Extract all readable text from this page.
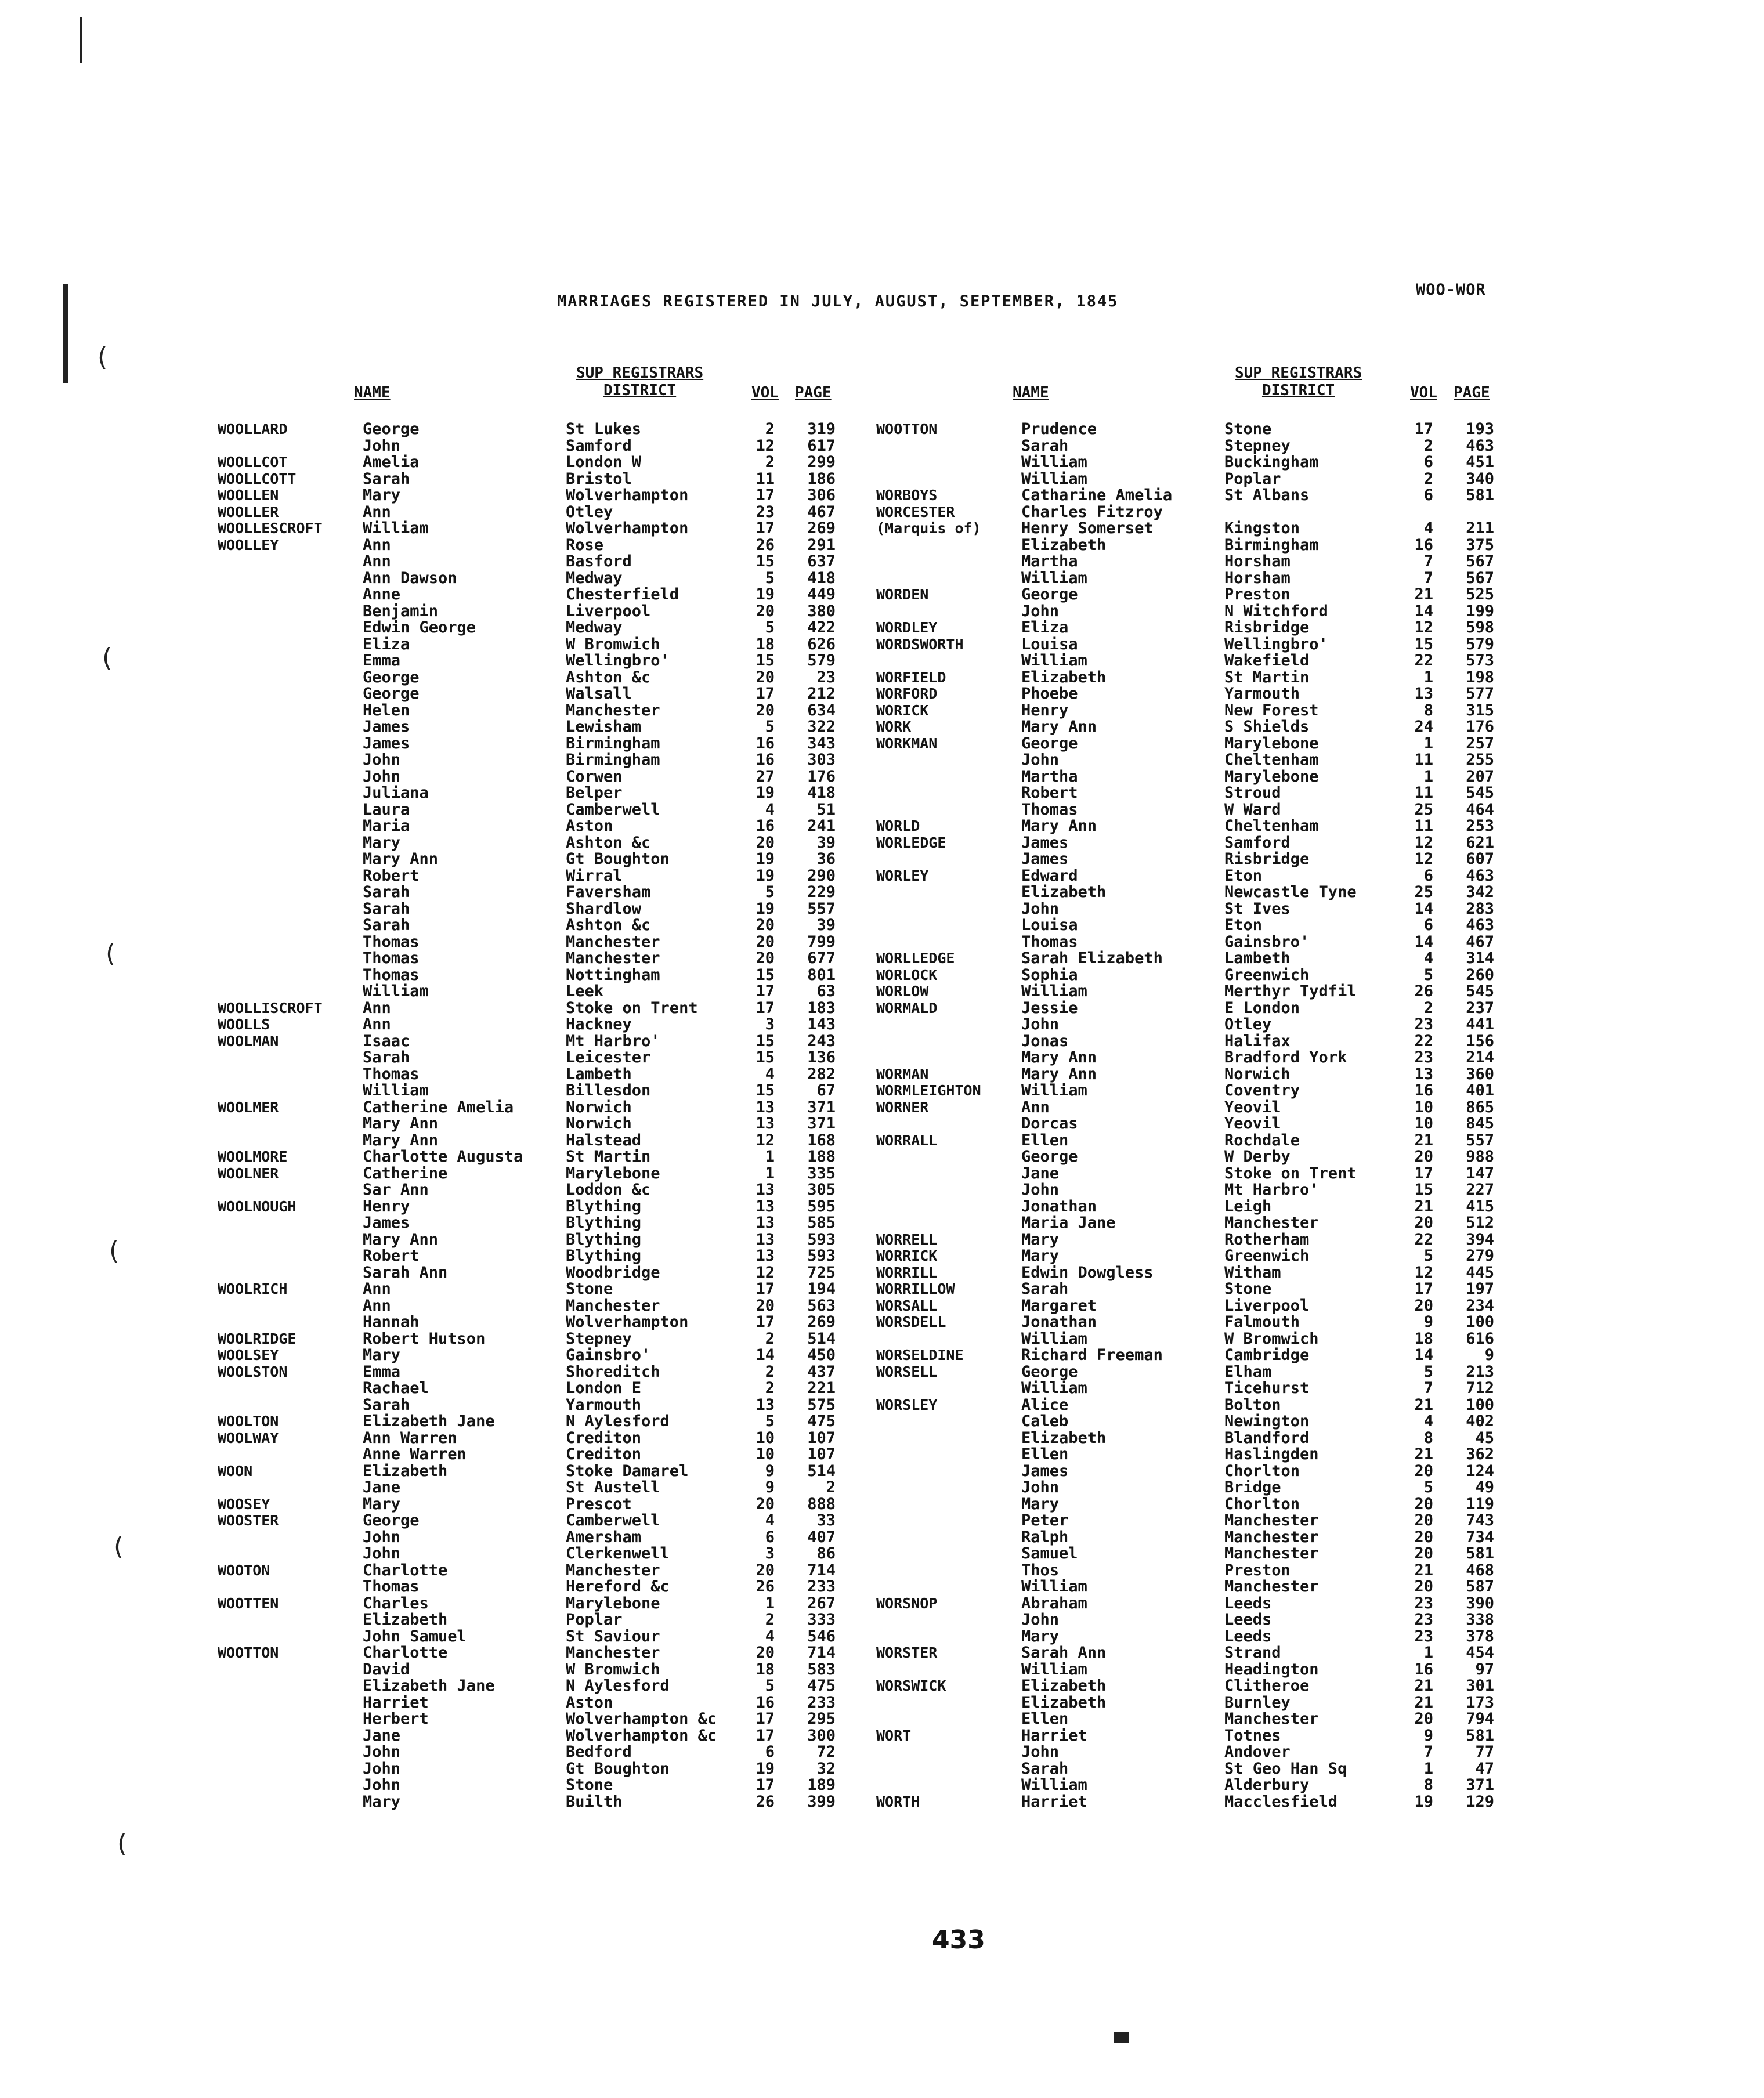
MARRIAGES REGISTERED IN JULY, AUGUST, SEPTEMBER, 1845
WOO-WOR
NAME
SUP REGISTRARS
DISTRICT	VOL PAGE	NAME
SUP REGISTRARS
DISTRICT	VOL PAGE
WOOLLARD	George	St Lukes	2	319
John	Samford	12	617
WOOLLCOT	Amelia	London W	2	299
WOOLLCOTT	Sarah	Bristol	11	186
WOOLLEN	Mary	Wolverhampton	17	306
WOOLLER	Ann	Otley	23	467
WOOLLESCROFT	William	Wolverhampton	17	269
WOOLLEY	Ann	Rose	26	291
Ann	Basford	15	637
Ann Dawson	Medway	5	418
Anne	Chesterfield	19	449
Benjamin	Liverpool	20	380
Edwin George	Medway	5	422
Eliza	W Bromwich	18	626
Emma	Wellingbro'	15	579
George	Ashton &c	20	23
George	Walsall	17	212
Helen	Manchester	20	634
James	Lewisham	5	322
James	Birmingham	16	343
John	Birmingham	16	303
John	Corwen	27	176
Juliana	Belper	19	418
Laura	Camberwell	4	51
Maria	Aston	16	241
Mary	Ashton &c	20	39
Mary Ann	Gt Boughton	19	36
Robert	Wirral	19	290
Sarah	Faversham	5	229
Sarah	Shardlow	19	557
Sarah	Ashton &c	20	39
Thomas	Manchester	20	799
Thomas	Manchester	20	677
Thomas	Nottingham	15	801
William	Leek	17	63
WOOLLISCROFT	Ann	Stoke on Trent	17	183
WOOLLS	Ann	Hackney	3	143
WOOLMAN	Isaac	Mt Harbro'	15	243
Sarah	Leicester	15	136
Thomas	Lambeth	4	282
William	Billesdon	15	67
WOOLMER	Catherine Amelia	Norwich	13	371
Mary Ann	Norwich	13	371
Mary Ann	Halstead	12	168
WOOLMORE	Charlotte Augusta	St Martin	1	188
WOOLNER	Catherine	Marylebone	1	335
Sar Ann	Loddon &c	13	305
WOOLNOUGH	Henry	Blything	13	595
James	Blything	13	585
Mary Ann	Blything	13	593
Robert	Blything	13	593
Sarah Ann	Woodbridge	12	725
WOOLRICH	Ann	Stone	17	194
Ann	Manchester	20	563
Hannah	Wolverhampton	17	269
WOOLRIDGE	Robert Hutson	Stepney	2	514
WOOLSEY	Mary	Gainsbro'	14	450
WOOLSTON	Emma	Shoreditch	2	437
Rachael	London E	2	221
Sarah	Yarmouth	13	575
WOOLTON	Elizabeth Jane	N Aylesford	5	475
WOOLWAY	Ann Warren	Crediton	10	107
Anne Warren	Crediton	10	107
WOON	Elizabeth	Stoke Damarel	9	514
Jane	St Austell	9	2
WOOSEY	Mary	Prescot	20	888
WOOSTER	George	Camberwell	4	33
John	Amersham	6	407
John	Clerkenwell	3	86
WOOTON	Charlotte	Manchester	20	714
Thomas	Hereford &c	26	233
WOOTTEN	Charles	Marylebone	1	267
Elizabeth	Poplar	2	333
John Samuel	St Saviour	4	546
WOOTTON	Charlotte	Manchester	20	714
David	W Bromwich	18	583
Elizabeth Jane	N Aylesford	5	475
Harriet	Aston	16	233
Herbert	Wolverhampton &c	17	295
Jane	Wolverhampton &c	17	300
John	Bedford	6	72
John	Gt Boughton	19	32
John	Stone	17	189
Mary	Builth	26	399
WOOTTON	Prudence	Stone	17	193
Sarah	Stepney	2	463
William	Buckingham	6	451
William	Poplar	2	340
WORBOYS	Catharine Amelia	St Albans	6	581
WORCESTER	Charles Fitzroy
(Marquis of)	Henry Somerset	Kingston	4	211
Elizabeth	Birmingham	16	375
Martha	Horsham	7	567
William	Horsham	7	567
WORDEN	George	Preston	21	525
John	N Witchford	14	199
WORDLEY	Eliza	Risbridge	12	598
WORDSWORTH	Louisa	Wellingbro'	15	579
William	Wakefield	22	573
WORFIELD	Elizabeth	St Martin	1	198
WORFORD	Phoebe	Yarmouth	13	577
WORICK	Henry	New Forest	8	315
WORK	Mary Ann	S Shields	24	176
WORKMAN	George	Marylebone	1	257
John	Cheltenham	11	255
Martha	Marylebone	1	207
Robert	Stroud	11	545
Thomas	W Ward	25	464
WORLD	Mary Ann	Cheltenham	11	253
WORLEDGE	James	Samford	12	621
James	Risbridge	12	607
WORLEY	Edward	Eton	6	463
Elizabeth	Newcastle Tyne	25	342
John	St Ives	14	283
Louisa	Eton	6	463
Thomas	Gainsbro'	14	467
WORLLEDGE	Sarah Elizabeth	Lambeth	4	314
WORLOCK	Sophia	Greenwich	5	260
WORLOW	William	Merthyr Tydfil	26	545
WORMALD	Jessie	E London	2	237
John	Otley	23	441
Jonas	Halifax	22	156
Mary Ann	Bradford York	23	214
WORMAN	Mary Ann	Norwich	13	360
WORMLEIGHTON	William	Coventry	16	401
WORNER	Ann	Yeovil	10	865
Dorcas	Yeovil	10	845
WORRALL	Ellen	Rochdale	21	557
George	W Derby	20	988
Jane	Stoke on Trent	17	147
John	Mt Harbro'	15	227
Jonathan	Leigh	21	415
Maria Jane	Manchester	20	512
WORRELL	Mary	Rotherham	22	394
WORRICK	Mary	Greenwich	5	279
WORRILL	Edwin Dowgless	Witham	12	445
WORRILLOW	Sarah	Stone	17	197
WORSALL	Margaret	Liverpool	20	234
WORSDELL	Jonathan	Falmouth	9	100
William	W Bromwich	18	616
WORSELDINE	Richard Freeman	Cambridge	14	9
WORSELL	George	Elham	5	213
William	Ticehurst	7	712
WORSLEY	Alice	Bolton	21	100
Caleb	Newington	4	402
Elizabeth	Blandford	8	45
Ellen	Haslingden	21	362
James	Chorlton	20	124
John	Bridge	5	49
Mary	Chorlton	20	119
Peter	Manchester	20	743
Ralph	Manchester	20	734
Samuel	Manchester	20	581
Thos	Preston	21	468
William	Manchester	20	587
WORSNOP	Abraham	Leeds	23	390
John	Leeds	23	338
Mary	Leeds	23	378
WORSTER	Sarah Ann	Strand	1	454
William	Headington	16	97
WORSWICK	Elizabeth	Clitheroe	21	301
Elizabeth	Burnley	21	173
Ellen	Manchester	20	794
WORT	Harriet	Totnes	9	581
John	Andover	7	77
Sarah	St Geo Han Sq	1	47
William	Alderbury	8	371
WORTH	Harriet	Macclesfield	19	129
433
(
(
(
(
(
(
